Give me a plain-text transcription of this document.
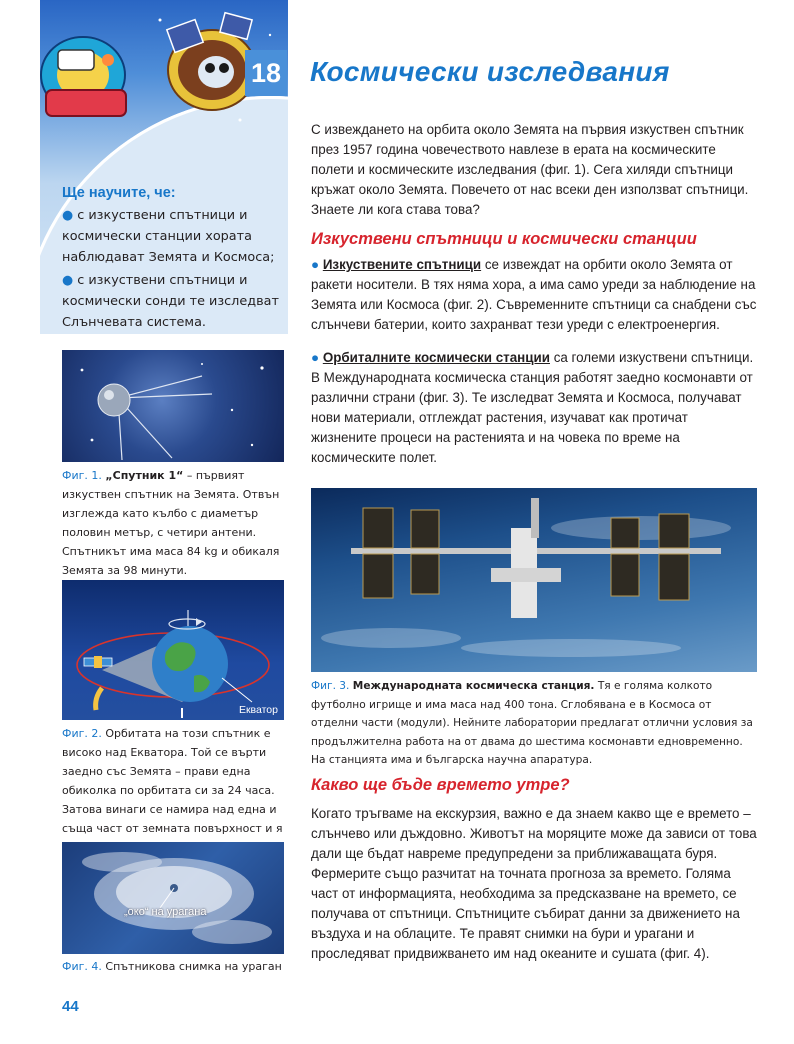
Ще научите, че:
● с изкуствени спътници и космически станции хората наблюдават Земята и Космоса;
● с изкуствени спътници и космически сонди те изследват Слънчевата система.
18 Космически изследвания
С извеждането на орбита около Земята на първия изкуствен спътник през 1957 година човечеството навлезе в ерата на космическите полети и космическите изследвания (фиг. 1). Сега хиляди спътници кръжат около Земята. Повечето от нас всеки ден използват спътници. Знаете ли кога става това?
Изкуствени спътници и космически станции
● Изкуствените спътници се извеждат на орбити около Земята от ракети носители. В тях няма хора, а има само уреди за наблюдение на Земята или Космоса (фиг. 2). Съвременните спътници са снабдени със слънчеви батерии, които захранват тези уреди с електроенергия.
● Орбиталните космически станции са големи изкуствени спътници. В Международната космическа станция работят заедно космонавти от различни страни (фиг. 3). Те изследват Земята и Космоса, получават нови материали, отглеждат растения, изучават как протичат жизнените процеси на растенията и на човека по време на космическите полет.
Фиг. 3. Международната космическа станция. Тя е голяма колкото футболно игрище и има маса над 400 тона. Сглобявана е в Космоса от отделни части (модули). Нейните лаборатории предлагат отлични условия за продължителна работа на от двама до шестима космонавти едновременно. На станцията има и българска научна апаратура.
Какво ще бъде времето утре?
Когато тръгваме на екскурзия, важно е да знаем какво ще е времето – слънчево или дъждовно. Животът на моряците може да зависи от това дали ще бъдат навреме предупредени за приближаващата буря. Фермерите също разчитат на точната прогноза за времето. Голяма част от информацията, необходима за предсказване на времето, се получава от спътници. Спътниците събират данни за движението на въздуха и на облаците. Те правят снимки на бури и урагани и проследяват придвижването им над океаните и сушата (фиг. 4).
Фиг. 1. „Спутник 1“ – първият изкуствен спътник на Земята. Отвън изглежда като кълбо с диаметър половин метър, с четири антени. Спътникът има маса 84 kg и обикаля Земята за 98 минути.
Екватор
Фиг. 2. Орбитата на този спътник е високо над Екватора. Той се върти заедно със Земята – прави една обиколка по орбитата си за 24 часа. Затова винаги се намира над една и съща част от земната повърхност и я
„око“ на урагана
Фиг. 4. Спътникова снимка на ураган
44
